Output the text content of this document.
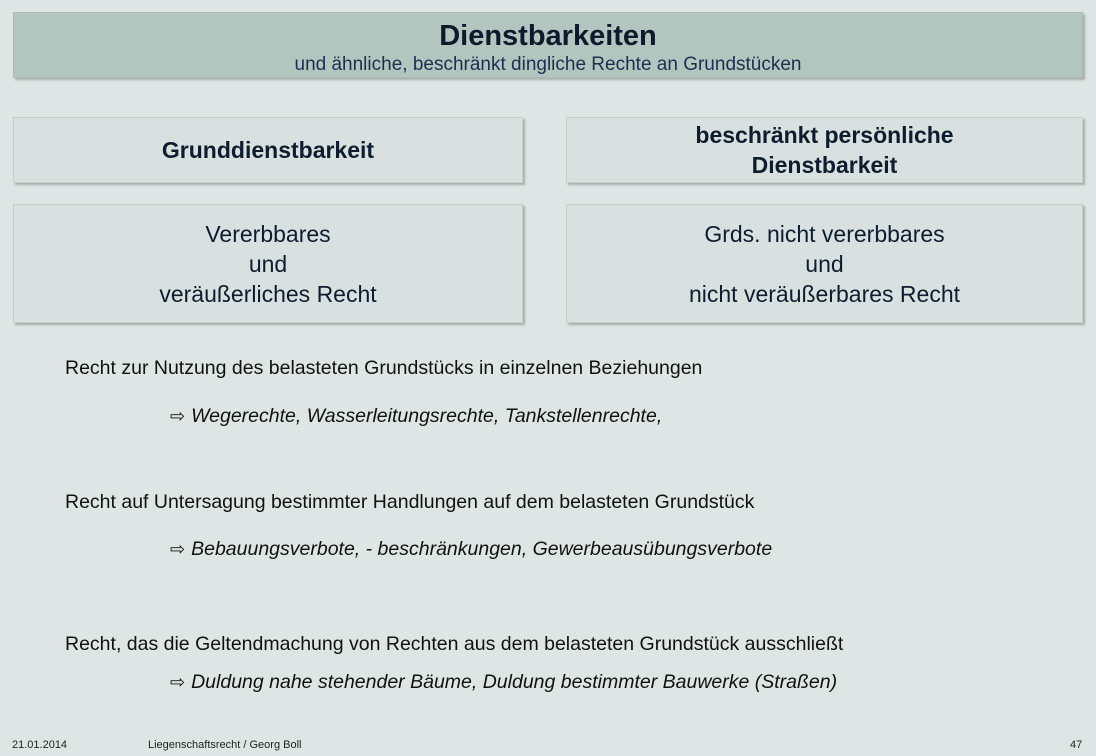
Dienstbarkeiten
und ähnliche, beschränkt dingliche Rechte an Grundstücken
Grunddienstbarkeit
beschränkt persönliche
Dienstbarkeit
Vererbbares
und
veräußerliches Recht
Grds. nicht vererbbares
und
nicht veräußerbares Recht
Recht zur Nutzung des belasteten Grundstücks in einzelnen Beziehungen
⇨ Wegerechte, Wasserleitungsrechte, Tankstellenrechte,
Recht auf Untersagung bestimmter Handlungen auf dem belasteten Grundstück
⇨ Bebauungsverbote, - beschränkungen, Gewerbeausübungsverbote
Recht, das die Geltendmachung von Rechten aus dem belasteten Grundstück ausschließt
⇨ Duldung nahe stehender Bäume, Duldung bestimmter Bauwerke (Straßen)
21.01.2014	Liegenschaftsrecht / Georg Boll	47
